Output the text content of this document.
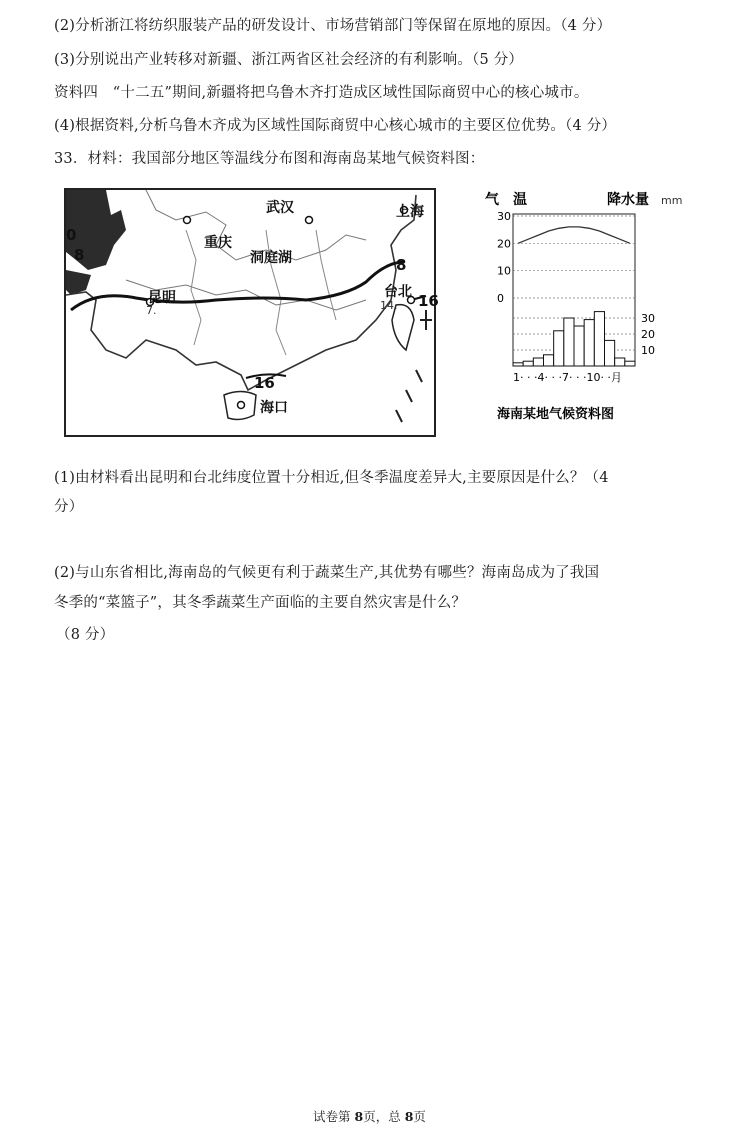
(2)分析浙江将纺织服装产品的研发设计、市场营销部门等保留在原地的原因。（4 分）
(3)分别说出产业转移对新疆、浙江两省区社会经济的有利影响。（5 分）
资料四　“十二五”期间,新疆将把乌鲁木齐打造成区域性国际商贸中心的核心城市。
(4)根据资料,分析乌鲁木齐成为区域性国际商贸中心核心城市的主要区位优势。（4 分）
33．材料：我国部分地区等温线分布图和海南岛某地气候资料图：
武汉	上海
重庆
洞庭湖
昆明	台北
海口
0
8
8
16
14.
7.
16
气　温	降水量 mm
30
20
10
0
30
20
10
1· · ·4· · ·7· · ·10· ·月
海南某地气候资料图
(1)由材料看出昆明和台北纬度位置十分相近,但冬季温度差异大,主要原因是什么？（4
分）
(2)与山东省相比,海南岛的气候更有利于蔬菜生产,其优势有哪些？海南岛成为了我国
冬季的“菜篮子”，其冬季蔬菜生产面临的主要自然灾害是什么？
（8 分）
试卷第 8页，总 8页
